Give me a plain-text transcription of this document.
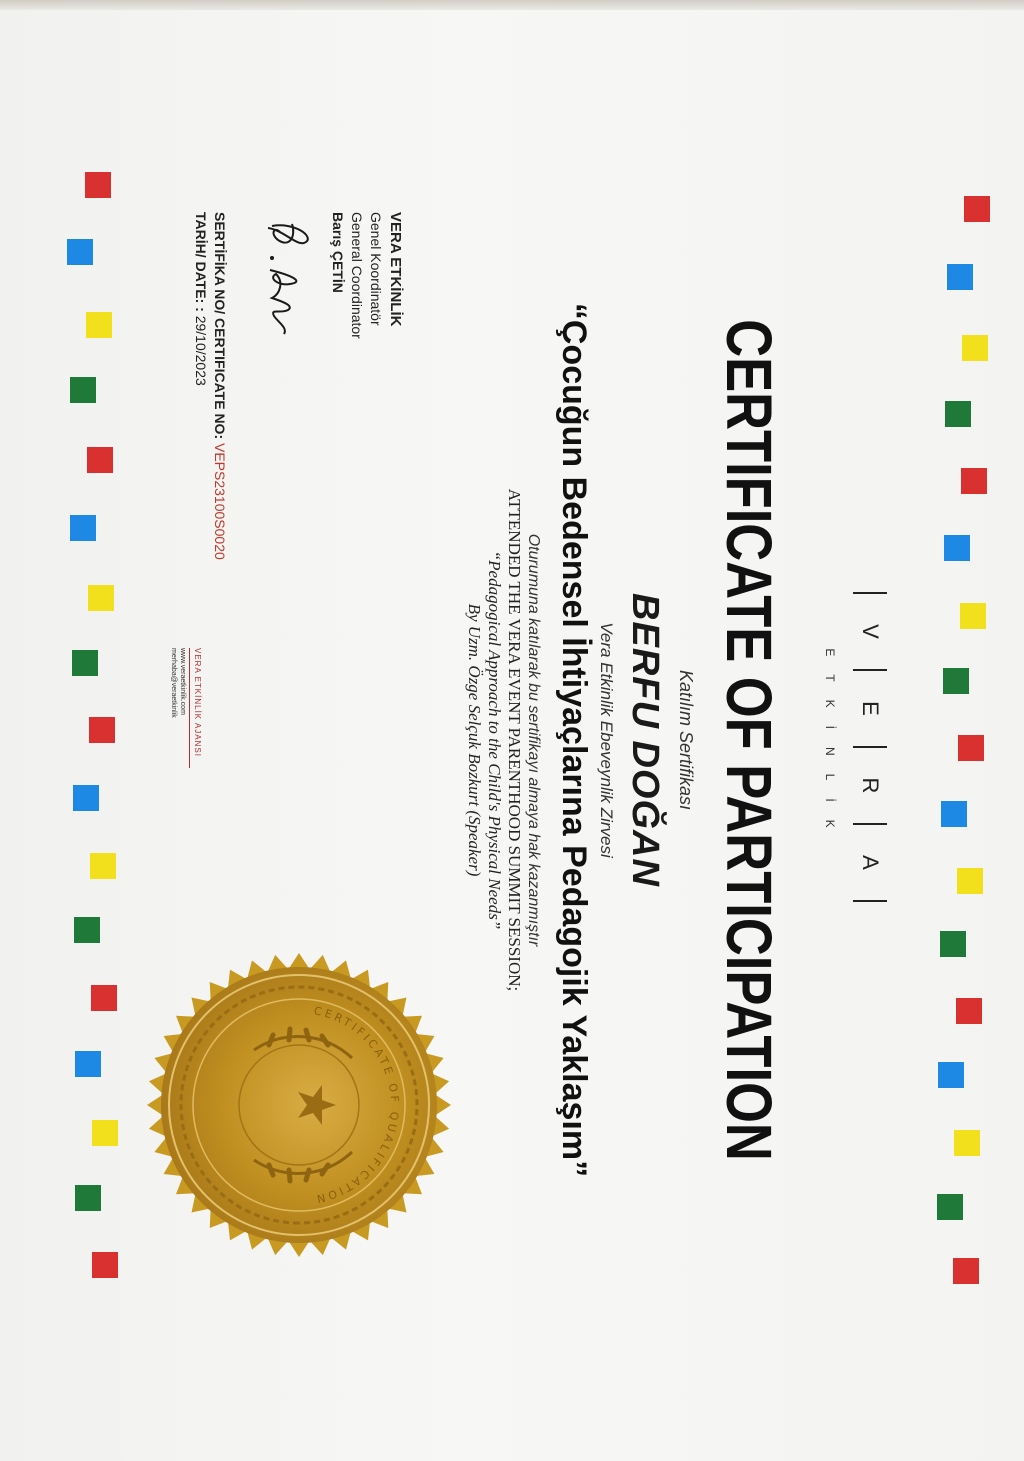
V
E
R
A
ETKİNLİK
CERTIFICATE OF PARTICIPATION
Katılım Sertifikası
BERFU DOĞAN
Vera Etkinlik Ebeveynlik Zirvesi
“Çocuğun Bedensel İhtiyaçlarına Pedagojik Yaklaşım”
Oturumuna katılarak bu sertifikayı almaya hak kazanmıştır
ATTENDED THE VERA EVENT PARENTHOOD SUMMIT SESSION;
“Pedagogical Approach to the Child's Physical Needs”
By Uzm. Özge Selçuk Bozkurt (Speaker)
VERA ETKİNLİK
Genel Koordinatör
General Coordinator
Barış ÇETİN
SERTİFİKA NO/ CERTIFICATE NO: VEPS23100S0020
TARİH/ DATE: : 29/10/2023
VERA ETKİNLİK AJANSI
www.veraetkinlik.com
merhaba@veraetkinlik
CERTIFICATE OF QUALIFICATION
